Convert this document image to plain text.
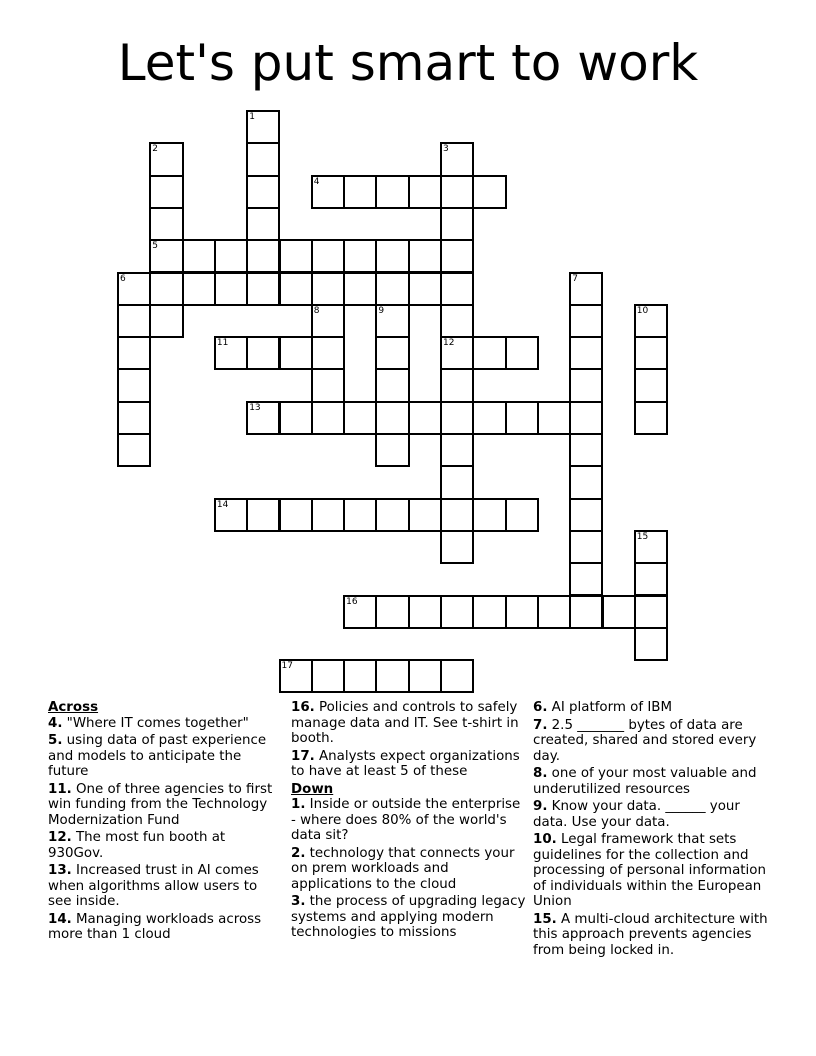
Let's put smart to work
1
2	3
4
5
6	7
8	9	10
11	12
13
14
15
16
17
Across
4. "Where IT comes together"
5. using data of past experience and models to anticipate the future
11. One of three agencies to first win funding from the Technology Modernization Fund
12. The most fun booth at 930Gov.
13. Increased trust in AI comes when algorithms allow users to see inside.
14. Managing workloads across more than 1 cloud
16. Policies and controls to safely manage data and IT. See t-shirt in booth.
17. Analysts expect organizations to have at least 5 of these
Down
1. Inside or outside the enterprise - where does 80% of the world's data sit?
2. technology that connects your on prem workloads and applications to the cloud
3. the process of upgrading legacy systems and applying modern technologies to missions
6. AI platform of IBM
7. 2.5 _______ bytes of data are created, shared and stored every day.
8. one of your most valuable and underutilized resources
9. Know your data. ______ your data. Use your data.
10. Legal framework that sets guidelines for the collection and processing of personal information of individuals within the European Union
15. A multi-cloud architecture with this approach prevents agencies from being locked in.
